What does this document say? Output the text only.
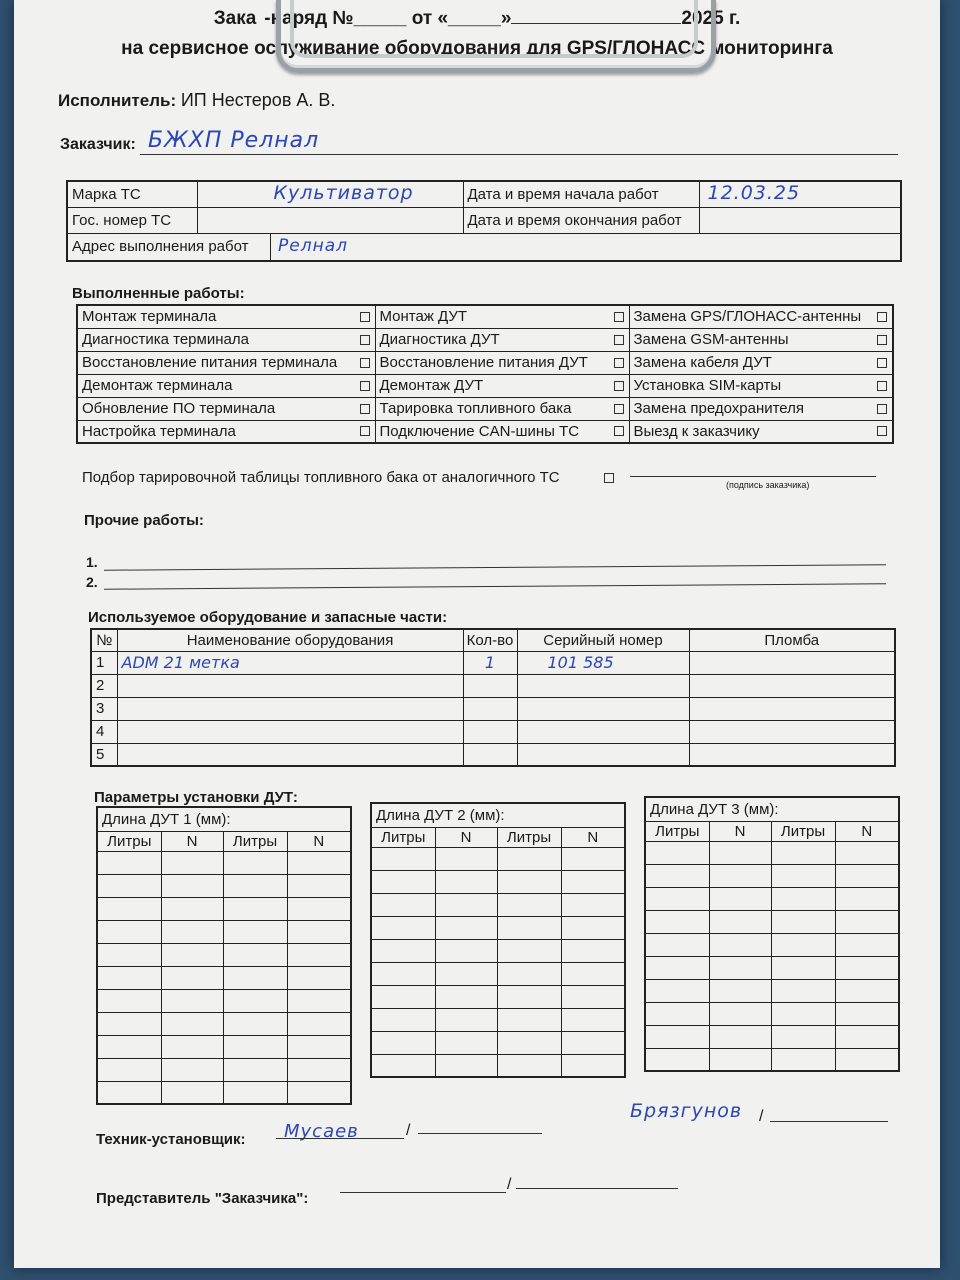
Зака -наряд №_____ от «_____»	2025 г.
на сервисное ослуживание оборудования для GPS/ГЛОНАСС мониторинга
Исполнитель: ИП Нестеров А. В.
Заказчик: БЖХП Релнал
Марка ТС	Культиватор	Дата и время начала работ	12.03.25

Гос. номер ТС		Дата и время окончания работ	
Адрес выполнения работ Релнал			
Выполненные работы:
Монтаж терминала	Монтаж ДУТ	Замена GPS/ГЛОНАСС-антенны

Диагностика терминала	Диагностика ДУТ	Замена GSM-антенны

Восстановление питания терминала	Восстановление питания ДУТ	Замена кабеля ДУТ

Демонтаж терминала	Демонтаж ДУТ	Установка SIM-карты

Обновление ПО терминала	Тарировка топливного бака	Замена предохранителя

Настройка терминала	Подключение CAN-шины ТС	Выезд к заказчику
Подбор тарировочной таблицы топливного бака от аналогичного ТС	(подпись заказчика)
Прочие работы:
1.
2.
Используемое оборудование и запасные части:
№	Наименование оборудования	Кол-во	Серийный номер	Пломба
1	ADM 21 метка	1	101 585	
2				
3				
4				
5				
Параметры установки ДУТ:
Длина ДУТ 1 (мм):			
Литры	N	Литры	N

Длина ДУТ 2 (мм):			
Литры	N	Литры	N

Длина ДУТ 3 (мм):			
Литры	N	Литры	N

Техник-установщик: Мусаев	/
Брязгунов /
Представитель "Заказчика":
/
